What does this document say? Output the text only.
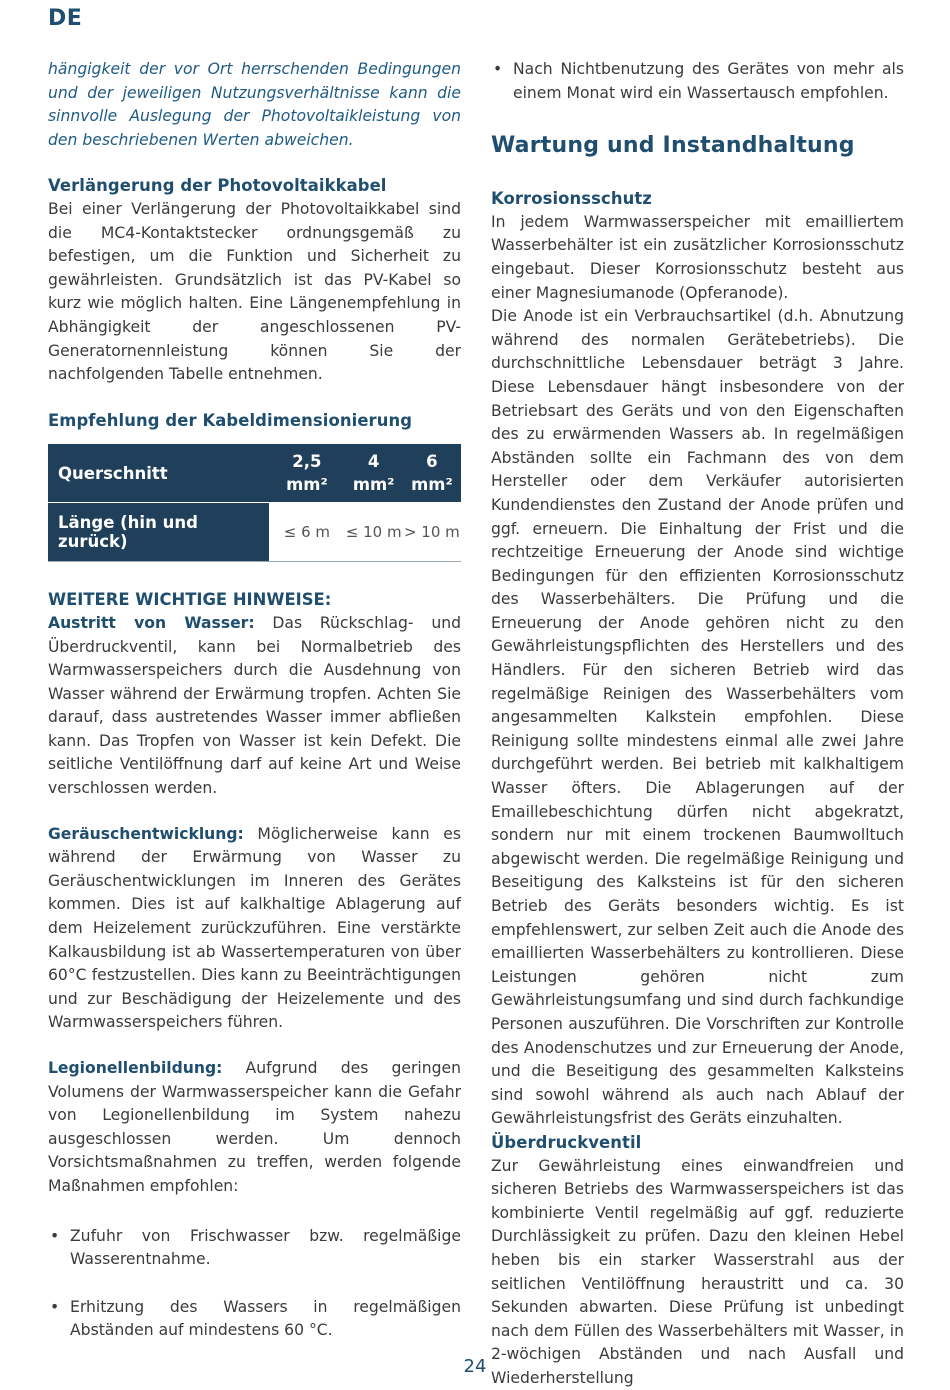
DE

hängigkeit der vor Ort herrschenden Bedingungen und der jeweiligen Nutzungsverhältnisse kann die sinnvolle Auslegung der Photovoltaikleistung von den beschriebenen Werten abweichen.

Verlängerung der Photovoltaikkabel

Bei einer Verlängerung der Photovoltaikkabel sind die MC4-Kontaktstecker ordnungsgemäß zu befestigen, um die Funktion und Sicherheit zu gewährleisten. Grundsätzlich ist das PV-Kabel so kurz wie möglich halten. Eine Längenempfehlung in Abhängigkeit der angeschlossenen PV-Generatornennleistung können Sie der nachfolgenden Tabelle entnehmen.

Empfehlung der Kabeldimensionierung

Querschnitt	2,5 mm²	4 mm²	6 mm²
Länge (hin und zurück)	≤ 6 m	≤ 10 m	> 10 m

WEITERE WICHTIGE HINWEISE:

Austritt von Wasser: Das Rückschlag- und Überdruckventil, kann bei Normalbetrieb des Warmwasserspeichers durch die Ausdehnung von Wasser während der Erwärmung tropfen. Achten Sie darauf, dass austretendes Wasser immer abfließen kann. Das Tropfen von Wasser ist kein Defekt. Die seitliche Ventilöffnung darf auf keine Art und Weise verschlossen werden.

Geräuschentwicklung: Möglicherweise kann es während der Erwärmung von Wasser zu Geräuschentwicklungen im Inneren des Gerätes kommen. Dies ist auf kalkhaltige Ablagerung auf dem Heizelement zurückzuführen. Eine verstärkte Kalkausbildung ist ab Wassertemperaturen von über 60°C festzustellen. Dies kann zu Beeinträchtigungen und zur Beschädigung der Heizelemente und des Warmwasserspeichers führen.

Legionellenbildung: Aufgrund des geringen Volumens der Warmwasserspeicher kann die Gefahr von Legionellenbildung im System nahezu ausgeschlossen werden. Um dennoch Vorsichtsmaßnahmen zu treffen, werden folgende Maßnahmen empfohlen:

• Zufuhr von Frischwasser bzw. regelmäßige Wasserentnahme.
• Erhitzung des Wassers in regelmäßigen Abständen auf mindestens 60 °C.
• Nach Nichtbenutzung des Gerätes von mehr als einem Monat wird ein Wassertausch empfohlen.

Wartung und Instandhaltung

Korrosionsschutz

In jedem Warmwasserspeicher mit emailliertem Wasserbehälter ist ein zusätzlicher Korrosionsschutz eingebaut. Dieser Korrosionsschutz besteht aus einer Magnesiumanode (Opferanode).

Die Anode ist ein Verbrauchsartikel (d.h. Abnutzung während des normalen Gerätebetriebs). Die durchschnittliche Lebensdauer beträgt 3 Jahre. Diese Lebensdauer hängt insbesondere von der Betriebsart des Geräts und von den Eigenschaften des zu erwärmenden Wassers ab. In regelmäßigen Abständen sollte ein Fachmann des von dem Hersteller oder dem Verkäufer autorisierten Kundendienstes den Zustand der Anode prüfen und ggf. erneuern. Die Einhaltung der Frist und die rechtzeitige Erneuerung der Anode sind wichtige Bedingungen für den effizienten Korrosionsschutz des Wasserbehälters. Die Prüfung und die Erneuerung der Anode gehören nicht zu den Gewährleistungspflichten des Herstellers und des Händlers. Für den sicheren Betrieb wird das regelmäßige Reinigen des Wasserbehälters vom angesammelten Kalkstein empfohlen. Diese Reinigung sollte mindestens einmal alle zwei Jahre durchgeführt werden. Bei betrieb mit kalkhaltigem Wasser öfters. Die Ablagerungen auf der Emaillebeschichtung dürfen nicht abgekratzt, sondern nur mit einem trockenen Baumwolltuch abgewischt werden. Die regelmäßige Reinigung und Beseitigung des Kalksteins ist für den sicheren Betrieb des Geräts besonders wichtig. Es ist empfehlenswert, zur selben Zeit auch die Anode des emaillierten Wasserbehälters zu kontrollieren. Diese Leistungen gehören nicht zum Gewährleistungsumfang und sind durch fachkundige Personen auszuführen. Die Vorschriften zur Kontrolle des Anodenschutzes und zur Erneuerung der Anode, und die Beseitigung des gesammelten Kalksteins sind sowohl während als auch nach Ablauf der Gewährleistungsfrist des Geräts einzuhalten.

Überdruckventil

Zur Gewährleistung eines einwandfreien und sicheren Betriebs des Warmwasserspeichers ist das kombinierte Ventil regelmäßig auf ggf. reduzierte Durchlässigkeit zu prüfen. Dazu den kleinen Hebel heben bis ein starker Wasserstrahl aus der seitlichen Ventilöffnung heraustritt und ca. 30 Sekunden abwarten. Diese Prüfung ist unbedingt nach dem Füllen des Wasserbehälters mit Wasser, in 2-wöchigen Abständen und nach Ausfall und Wiederherstellung

24
